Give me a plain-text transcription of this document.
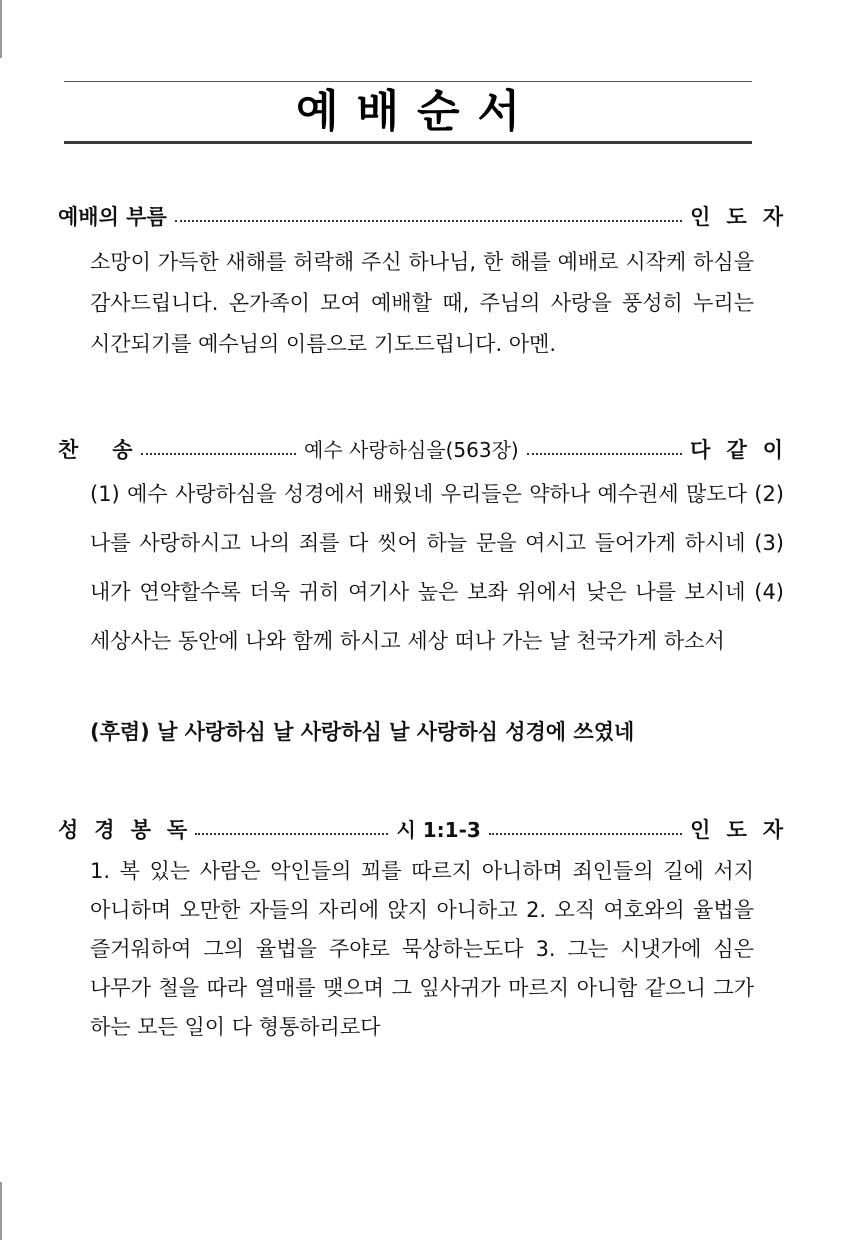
예배순서
예배의 부름	인도자

소망이 가득한 새해를 허락해 주신 하나님, 한 해를 예배로 시작케 하심을 감사드립니다. 온가족이 모여 예배할 때, 주님의 사랑을 풍성히 누리는 시간되기를 예수님의 이름으로 기도드립니다. 아멘.

찬송	예수 사랑하심을(563장)	다같이

(1) 예수 사랑하심을 성경에서 배웠네 우리들은 약하나 예수권세 많도다 (2) 나를 사랑하시고 나의 죄를 다 씻어 하늘 문을 여시고 들어가게 하시네 (3) 내가 연약할수록 더욱 귀히 여기사 높은 보좌 위에서 낮은 나를 보시네 (4) 세상사는 동안에 나와 함께 하시고 세상 떠나 가는 날 천국가게 하소서

(후렴) 날 사랑하심 날 사랑하심 날 사랑하심 성경에 쓰였네
성경봉독	시 1:1-3	인도자

1. 복 있는 사람은 악인들의 꾀를 따르지 아니하며 죄인들의 길에 서지 아니하며 오만한 자들의 자리에 앉지 아니하고 2. 오직 여호와의 율법을 즐거워하여 그의 율법을 주야로 묵상하는도다 3. 그는 시냇가에 심은 나무가 철을 따라 열매를 맺으며 그 잎사귀가 마르지 아니함 같으니 그가 하는 모든 일이 다 형통하리로다
